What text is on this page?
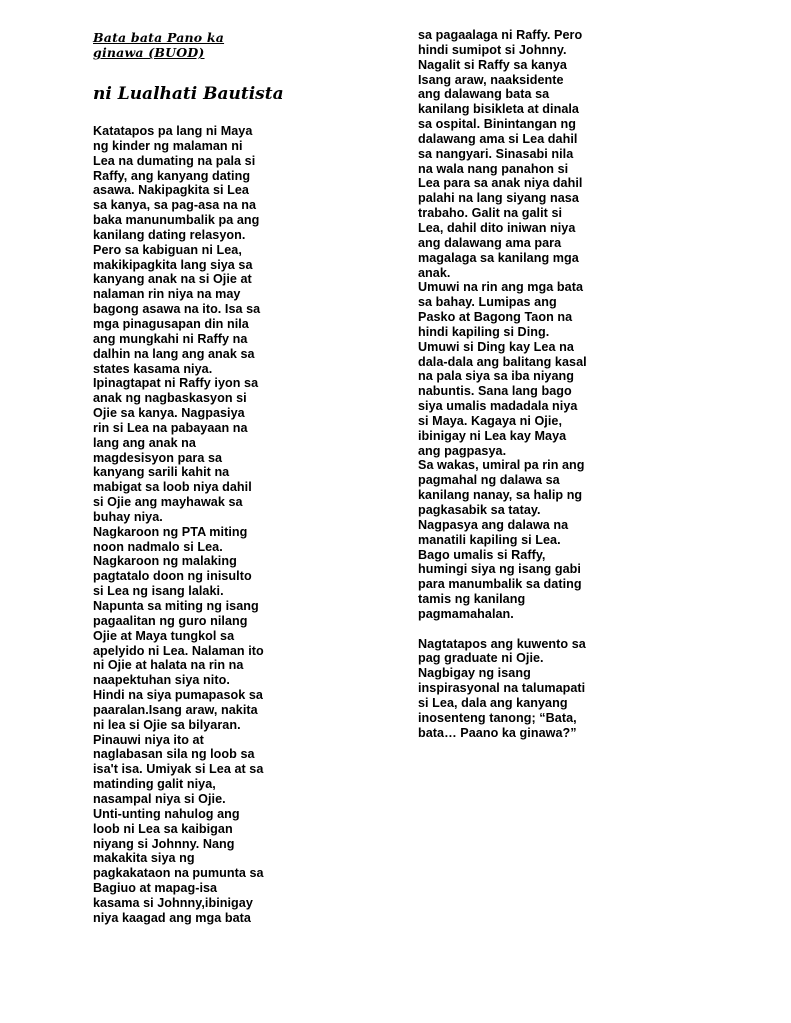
Bata bata Pano ka
ginawa (BUOD)
ni Lualhati Bautista

Katatapos pa lang ni Maya
ng kinder ng malaman ni
Lea na dumating na pala si
Raffy, ang kanyang dating
asawa. Nakipagkita si Lea
sa kanya, sa pag-asa na na
baka manunumbalik pa ang
kanilang dating relasyon.
Pero sa kabiguan ni Lea,
makikipagkita lang siya sa
kanyang anak na si Ojie at
nalaman rin niya na may
bagong asawa na ito. Isa sa
mga pinagusapan din nila
ang mungkahi ni Raffy na
dalhin na lang ang anak sa
states kasama niya.

Ipinagtapat ni Raffy iyon sa
anak ng nagbaskasyon si
Ojie sa kanya. Nagpasiya
rin si Lea na pabayaan na
lang ang anak na
magdesisyon para sa
kanyang sarili kahit na
mabigat sa loob niya dahil
si Ojie ang mayhawak sa
buhay niya.

Nagkaroon ng PTA miting
noon nadmalo si Lea.
Nagkaroon ng malaking
pagtatalo doon ng inisulto
si Lea ng isang lalaki.
Napunta sa miting ng isang
pagaalitan ng guro nilang
Ojie at Maya tungkol sa
apelyido ni Lea. Nalaman ito
ni Ojie at halata na rin na
naapektuhan siya nito.
Hindi na siya pumapasok sa
paaralan.Isang araw, nakita
ni lea si Ojie sa bilyaran.
Pinauwi niya ito at
naglabasan sila ng loob sa
isa't isa. Umiyak si Lea at sa
matinding galit niya,
nasampal niya si Ojie.
Unti-unting nahulog ang
loob ni Lea sa kaibigan
niyang si Johnny. Nang
makakita siya ng
pagkakataon na pumunta sa
Bagiuo at mapag-isa
kasama si Johnny,ibinigay
niya kaagad ang mga bata

sa pagaalaga ni Raffy. Pero
hindi sumipot si Johnny.
Nagalit si Raffy sa kanya
Isang araw, naaksidente
ang dalawang bata sa
kanilang bisikleta at dinala
sa ospital. Binintangan ng
dalawang ama si Lea dahil
sa nangyari. Sinasabi nila
na wala nang panahon si
Lea para sa anak niya dahil
palahi na lang siyang nasa
trabaho. Galit na galit si
Lea, dahil dito iniwan niya
ang dalawang ama para
magalaga sa kanilang mga
anak.

Umuwi na rin ang mga bata
sa bahay. Lumipas ang
Pasko at Bagong Taon na
hindi kapiling si Ding.
Umuwi si Ding kay Lea na
dala-dala ang balitang kasal
na pala siya sa iba niyang
nabuntis. Sana lang bago
siya umalis madadala niya
si Maya. Kagaya ni Ojie,
ibinigay ni Lea kay Maya
ang pagpasya.

Sa wakas, umiral pa rin ang
pagmahal ng dalawa sa
kanilang nanay, sa halip ng
pagkasabik sa tatay.
Nagpasya ang dalawa na
manatili kapiling si Lea.
Bago umalis si Raffy,
humingi siya ng isang gabi
para manumbalik sa dating
tamis ng kanilang
pagmamahalan.

Nagtatapos ang kuwento sa
pag graduate ni Ojie.
Nagbigay ng isang
inspirasyonal na talumapati
si Lea, dala ang kanyang
inosenteng tanong; “Bata,
bata… Paano ka ginawa?”
